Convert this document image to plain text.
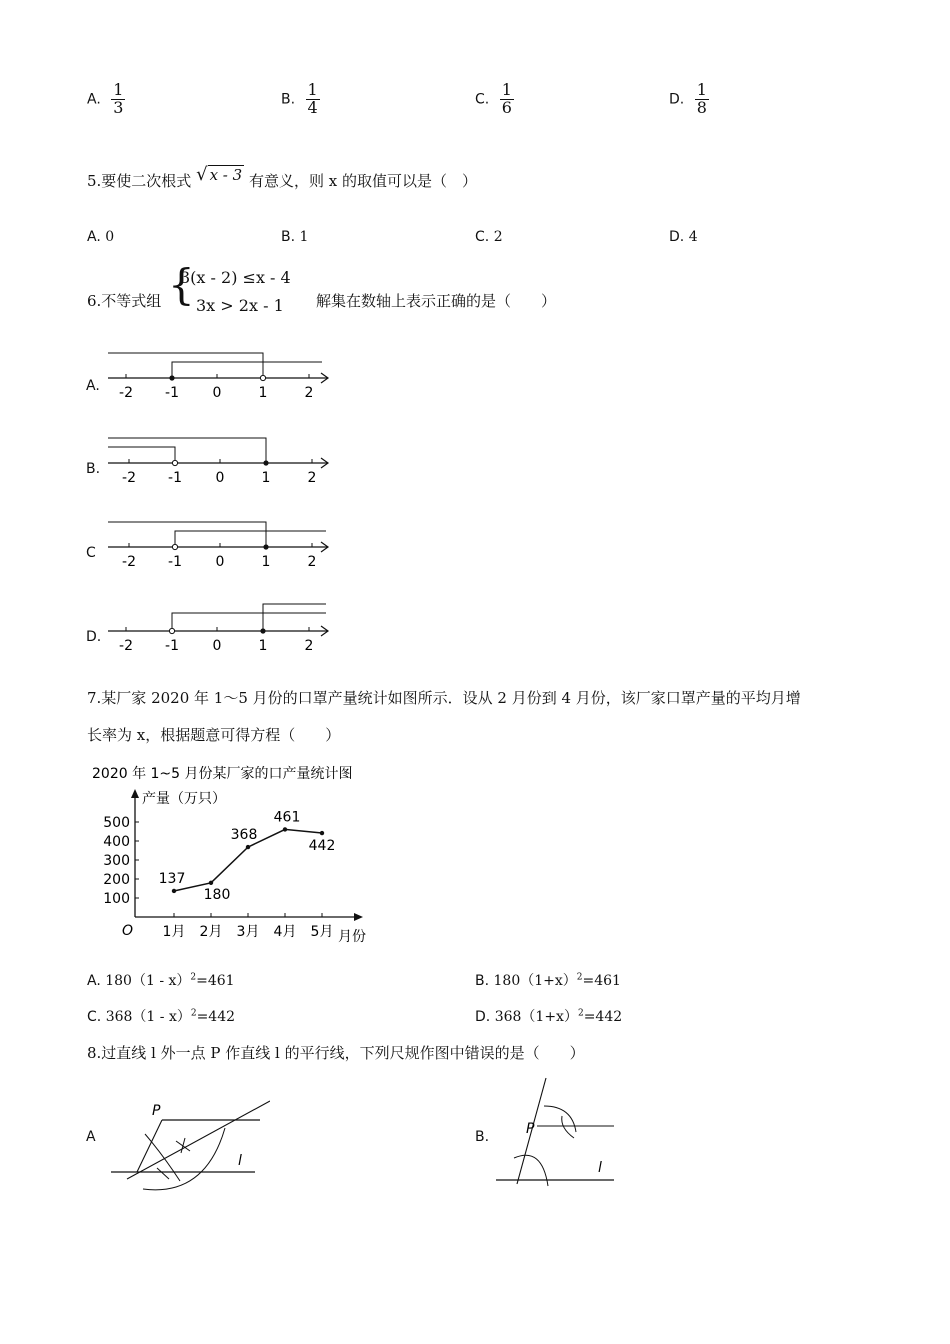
A. $\frac{1}{3}$	B. $\frac{1}{4}$	C. $\frac{1}{6}$	D. $\frac{1}{8}$
5.要使二次根式 √ x - 3 有意义，则 x 的取值可以是（　）
A. 0	B. 1	C. 2	D. 4
6.不等式组 {
3(x - 2) ≤x - 4
3x > 2x - 1 解集在数轴上表示正确的是（　　）
A.
B.
C
D.
-2 -1 0	1	2
-2 -1 0	1	2
-2 -1 0	1	2
-2 -1 0	1	2
7.某厂家 2020 年 1～5 月份的口罩产量统计如图所示．设从 2 月份到 4 月份，该厂家口罩产量的平均月增
长率为 x，根据题意可得方程（　　）
2020 年 1~5 月份某厂家的口产量统计图
产量（万只）
月份
O
100
200
300
400
500
1月 2月 3月 4月 5月
137
180
368
461
442
A. 180（1 - x）$^2$=461	B. $180(1+x)^2=461$
C. 368（1 - x）$^2$=442	D. $368(1+x)^2=442$
8.过直线 l 外一点 P 作直线 l 的平行线，下列尺规作图中错误的是（　　）
A
P
l
B.	P
l
